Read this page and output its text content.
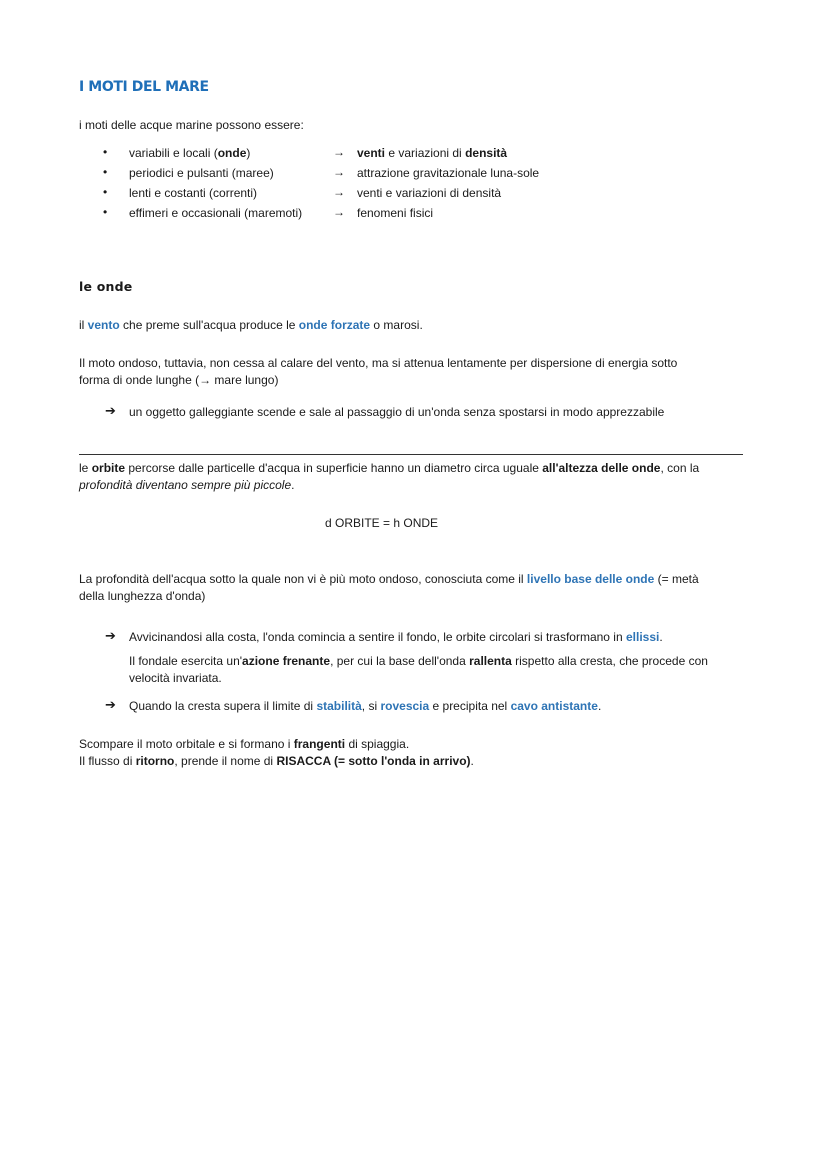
I MOTI DEL MARE
i moti delle acque marine possono essere:
• variabili e locali (onde)	→ venti e variazioni di densità
• periodici e pulsanti (maree)	→ attrazione gravitazionale luna-sole
• lenti e costanti (correnti)	→ venti e variazioni di densità
• effimeri e occasionali (maremoti)	→ fenomeni fisici
le onde
il vento che preme sull'acqua produce le onde forzate o marosi.
Il moto ondoso, tuttavia, non cessa al calare del vento, ma si attenua lentamente per dispersione di energia sotto
forma di onde lunghe (→ mare lungo)
➔ un oggetto galleggiante scende e sale al passaggio di un'onda senza spostarsi in modo apprezzabile
le orbite percorse dalle particelle d'acqua in superficie hanno un diametro circa uguale all'altezza delle onde, con la
profondità diventano sempre più piccole.
d ORBITE = h ONDE
La profondità dell'acqua sotto la quale non vi è più moto ondoso, conosciuta come il livello base delle onde (= metà
della lunghezza d'onda)
➔ Avvicinandosi alla costa, l'onda comincia a sentire il fondo, le orbite circolari si trasformano in ellissi.
Il fondale esercita un'azione frenante, per cui la base dell'onda rallenta rispetto alla cresta, che procede con
velocità invariata.
➔ Quando la cresta supera il limite di stabilità, si rovescia e precipita nel cavo antistante.
Scompare il moto orbitale e si formano i frangenti di spiaggia.
Il flusso di ritorno, prende il nome di RISACCA (= sotto l'onda in arrivo).
